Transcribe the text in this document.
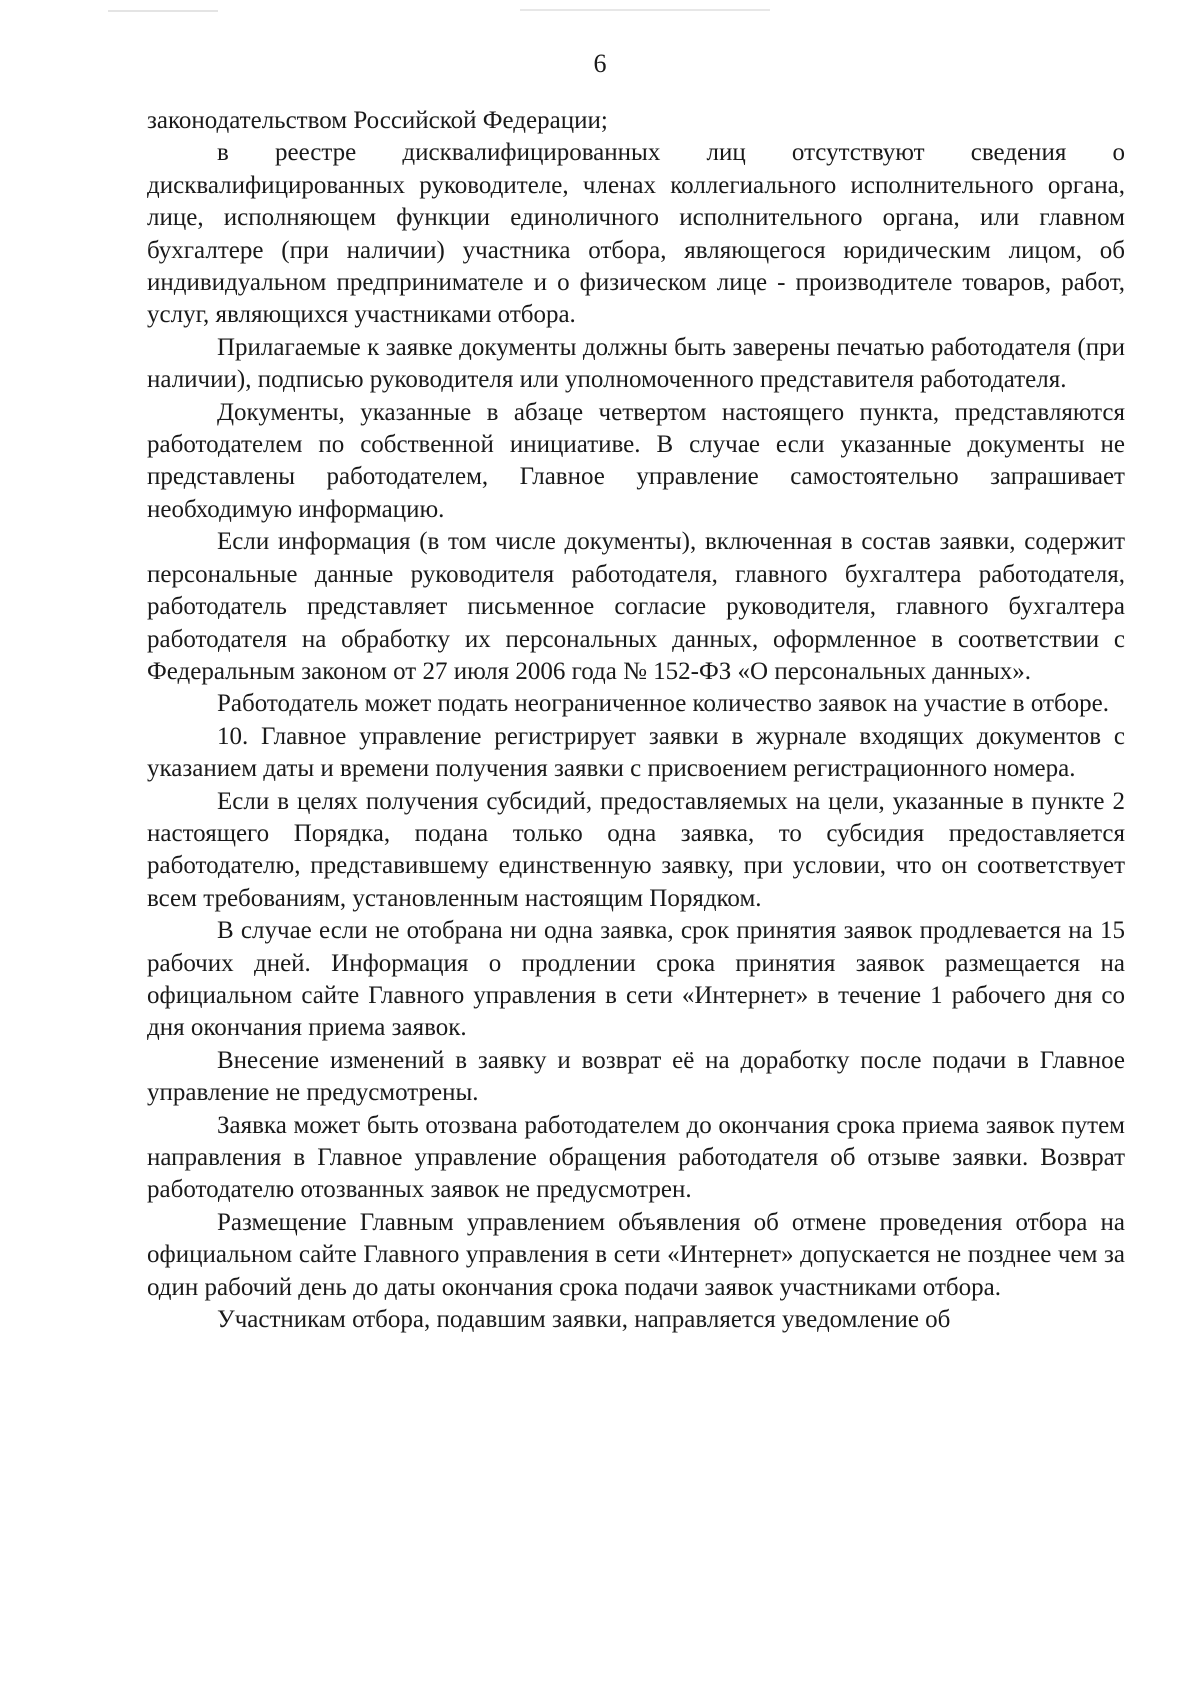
6

законодательством Российской Федерации;

в реестре дисквалифицированных лиц отсутствуют сведения о дисквалифицированных руководителе, членах коллегиального исполнительного органа, лице, исполняющем функции единоличного исполнительного органа, или главном бухгалтере (при наличии) участника отбора, являющегося юридическим лицом, об индивидуальном предпринимателе и о физическом лице - производителе товаров, работ, услуг, являющихся участниками отбора.

Прилагаемые к заявке документы должны быть заверены печатью работодателя (при наличии), подписью руководителя или уполномоченного представителя работодателя.

Документы, указанные в абзаце четвертом настоящего пункта, представляются работодателем по собственной инициативе. В случае если указанные документы не представлены работодателем, Главное управление самостоятельно запрашивает необходимую информацию.

Если информация (в том числе документы), включенная в состав заявки, содержит персональные данные руководителя работодателя, главного бухгалтера работодателя, работодатель представляет письменное согласие руководителя, главного бухгалтера работодателя на обработку их персональных данных, оформленное в соответствии с Федеральным законом от 27 июля 2006 года № 152-ФЗ «О персональных данных».

Работодатель может подать неограниченное количество заявок на участие в отборе.

10. Главное управление регистрирует заявки в журнале входящих документов с указанием даты и времени получения заявки с присвоением регистрационного номера.

Если в целях получения субсидий, предоставляемых на цели, указанные в пункте 2 настоящего Порядка, подана только одна заявка, то субсидия предоставляется работодателю, представившему единственную заявку, при условии, что он соответствует всем требованиям, установленным настоящим Порядком.

В случае если не отобрана ни одна заявка, срок принятия заявок продлевается на 15 рабочих дней. Информация о продлении срока принятия заявок размещается на официальном сайте Главного управления в сети «Интернет» в течение 1 рабочего дня со дня окончания приема заявок.

Внесение изменений в заявку и возврат её на доработку после подачи в Главное управление не предусмотрены.

Заявка может быть отозвана работодателем до окончания срока приема заявок путем направления в Главное управление обращения работодателя об отзыве заявки. Возврат работодателю отозванных заявок не предусмотрен.

Размещение Главным управлением объявления об отмене проведения отбора на официальном сайте Главного управления в сети «Интернет» допускается не позднее чем за один рабочий день до даты окончания срока подачи заявок участниками отбора.

Участникам отбора, подавшим заявки, направляется уведомление об
